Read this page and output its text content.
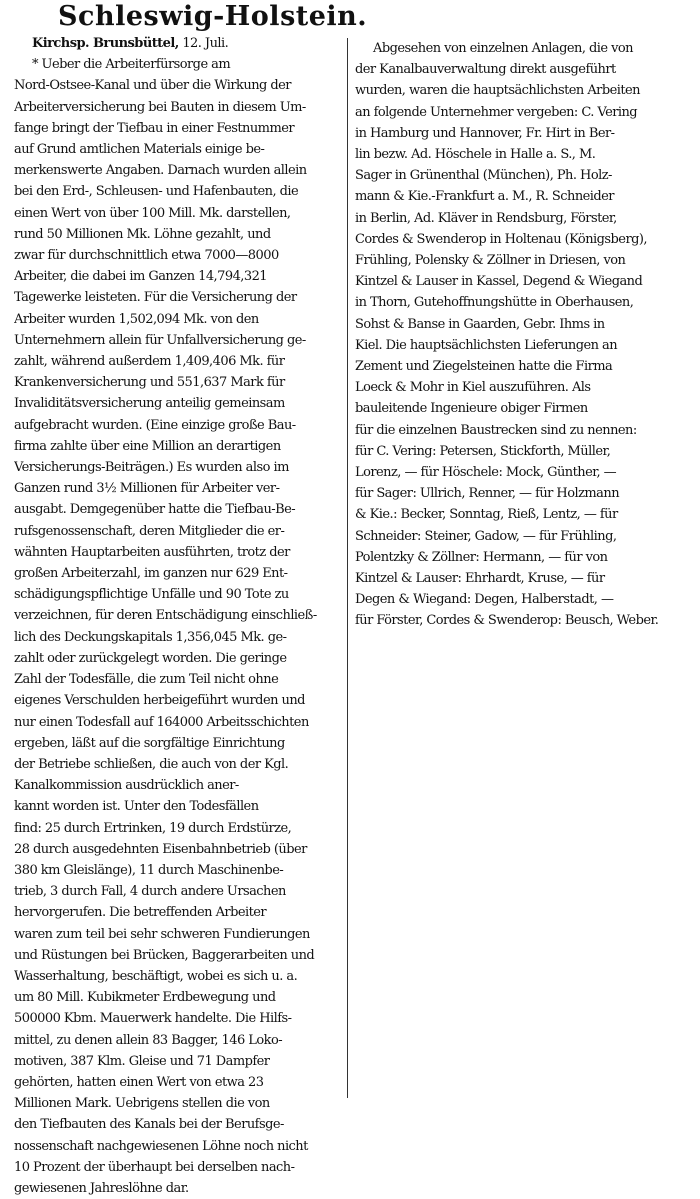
Schleswig-Holstein.
Kirchsp. Brunsbüttel, 12. Juli.
* Ueber die Arbeiterfürsorge am
Nord-Ostsee-Kanal und über die Wirkung der
Arbeiterversicherung bei Bauten in diesem Um-
fange bringt der Tiefbau in einer Festnummer
auf Grund amtlichen Materials einige be-
merkenswerte Angaben. Darnach wurden allein
bei den Erd-, Schleusen- und Hafenbauten, die
einen Wert von über 100 Mill. Mk. darstellen,
rund 50 Millionen Mk. Löhne gezahlt, und
zwar für durchschnittlich etwa 7000—8000
Arbeiter, die dabei im Ganzen 14,794,321
Tagewerke leisteten. Für die Versicherung der
Arbeiter wurden 1,502,094 Mk. von den
Unternehmern allein für Unfallversicherung ge-
zahlt, während außerdem 1,409,406 Mk. für
Krankenversicherung und 551,637 Mark für
Invaliditätsversicherung anteilig gemeinsam
aufgebracht wurden. (Eine einzige große Bau-
firma zahlte über eine Million an derartigen
Versicherungs-Beiträgen.) Es wurden also im
Ganzen rund 3½ Millionen für Arbeiter ver-
ausgabt. Demgegenüber hatte die Tiefbau-Be-
rufsgenossenschaft, deren Mitglieder die er-
wähnten Hauptarbeiten ausführten, trotz der
großen Arbeiterzahl, im ganzen nur 629 Ent-
schädigungspflichtige Unfälle und 90 Tote zu
verzeichnen, für deren Entschädigung einschließ-
lich des Deckungskapitals 1,356,045 Mk. ge-
zahlt oder zurückgelegt worden. Die geringe
Zahl der Todesfälle, die zum Teil nicht ohne
eigenes Verschulden herbeigeführt wurden und
nur einen Todesfall auf 164000 Arbeitsschichten
ergeben, läßt auf die sorgfältige Einrichtung
der Betriebe schließen, die auch von der Kgl.
Kanalkommission ausdrücklich aner-
kannt worden ist. Unter den Todesfällen
find: 25 durch Ertrinken, 19 durch Erdstürze,
28 durch ausgedehnten Eisenbahnbetrieb (über
380 km Gleislänge), 11 durch Maschinenbe-
trieb, 3 durch Fall, 4 durch andere Ursachen
hervorgerufen. Die betreffenden Arbeiter
waren zum teil bei sehr schweren Fundierungen
und Rüstungen bei Brücken, Baggerarbeiten und
Wasserhaltung, beschäftigt, wobei es sich u. a.
um 80 Mill. Kubikmeter Erdbewegung und
500000 Kbm. Mauerwerk handelte. Die Hilfs-
mittel, zu denen allein 83 Bagger, 146 Loko-
motiven, 387 Klm. Gleise und 71 Dampfer
gehörten, hatten einen Wert von etwa 23
Millionen Mark. Uebrigens stellen die von
den Tiefbauten des Kanals bei der Berufsge-
nossenschaft nachgewiesenen Löhne noch nicht
10 Prozent der überhaupt bei derselben nach-
gewiesenen Jahreslöhne dar.
Abgesehen von einzelnen Anlagen, die von
der Kanalbauverwaltung direkt ausgeführt
wurden, waren die hauptsächlichsten Arbeiten
an folgende Unternehmer vergeben: C. Vering
in Hamburg und Hannover, Fr. Hirt in Ber-
lin bezw. Ad. Höschele in Halle a. S., M.
Sager in Grünenthal (München), Ph. Holz-
mann & Kie.-Frankfurt a. M., R. Schneider
in Berlin, Ad. Kläver in Rendsburg, Förster,
Cordes & Swenderop in Holtenau (Königsberg),
Frühling, Polensky & Zöllner in Driesen, von
Kintzel & Lauser in Kassel, Degend & Wiegand
in Thorn, Gutehoffnungshütte in Oberhausen,
Sohst & Banse in Gaarden, Gebr. Ihms in
Kiel. Die hauptsächlichsten Lieferungen an
Zement und Ziegelsteinen hatte die Firma
Loeck & Mohr in Kiel auszuführen. Als
bauleitende Ingenieure obiger Firmen
für die einzelnen Baustrecken sind zu nennen:
für C. Vering: Petersen, Stickforth, Müller,
Lorenz, — für Höschele: Mock, Günther, —
für Sager: Ullrich, Renner, — für Holzmann
& Kie.: Becker, Sonntag, Rieß, Lentz, — für
Schneider: Steiner, Gadow, — für Frühling,
Polentzky & Zöllner: Hermann, — für von
Kintzel & Lauser: Ehrhardt, Kruse, — für
Degen & Wiegand: Degen, Halberstadt, —
für Förster, Cordes & Swenderop: Beusch, Weber.
